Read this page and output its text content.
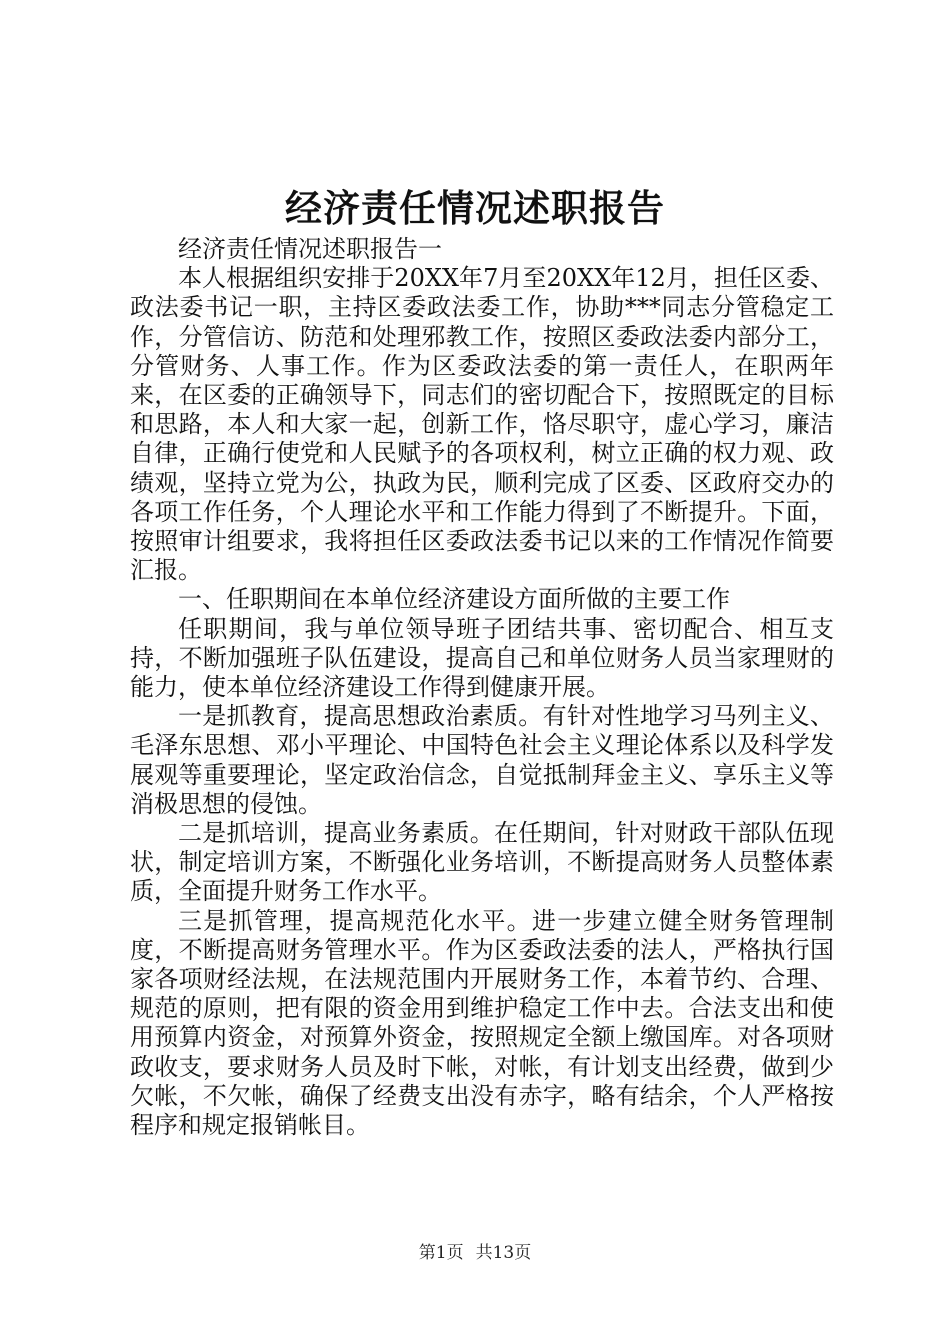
经济责任情况述职报告

经济责任情况述职报告一

本人根据组织安排于20XX年7月至20XX年12月，担任区委、政法委书记一职，主持区委政法委工作，协助***同志分管稳定工作，分管信访、防范和处理邪教工作，按照区委政法委内部分工，分管财务、人事工作。作为区委政法委的第一责任人，在职两年来，在区委的正确领导下，同志们的密切配合下，按照既定的目标和思路，本人和大家一起，创新工作，恪尽职守，虚心学习，廉洁自律，正确行使党和人民赋予的各项权利，树立正确的权力观、政绩观，坚持立党为公，执政为民，顺利完成了区委、区政府交办的各项工作任务，个人理论水平和工作能力得到了不断提升。下面，按照审计组要求，我将担任区委政法委书记以来的工作情况作简要汇报。

一、任职期间在本单位经济建设方面所做的主要工作

任职期间，我与单位领导班子团结共事、密切配合、相互支持，不断加强班子队伍建设，提高自己和单位财务人员当家理财的能力，使本单位经济建设工作得到健康开展。

一是抓教育，提高思想政治素质。有针对性地学习马列主义、毛泽东思想、邓小平理论、中国特色社会主义理论体系以及科学发展观等重要理论，坚定政治信念，自觉抵制拜金主义、享乐主义等消极思想的侵蚀。

二是抓培训，提高业务素质。在任期间，针对财政干部队伍现状，制定培训方案，不断强化业务培训，不断提高财务人员整体素质，全面提升财务工作水平。

三是抓管理，提高规范化水平。进一步建立健全财务管理制度，不断提高财务管理水平。作为区委政法委的法人，严格执行国家各项财经法规，在法规范围内开展财务工作，本着节约、合理、规范的原则，把有限的资金用到维护稳定工作中去。合法支出和使用预算内资金，对预算外资金，按照规定全额上缴国库。对各项财政收支，要求财务人员及时下帐，对帐，有计划支出经费，做到少欠帐，不欠帐，确保了经费支出没有赤字，略有结余，个人严格按程序和规定报销帐目。

第1页 共13页
